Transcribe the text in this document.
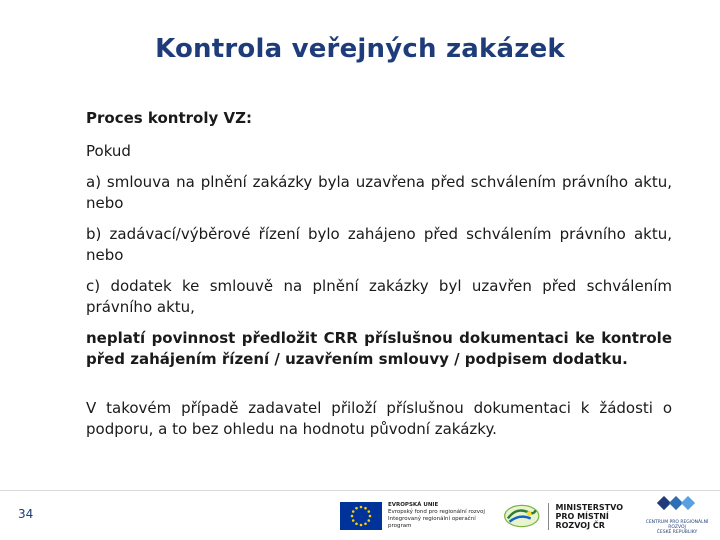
Kontrola veřejných zakázek

Proces kontroly VZ:

Pokud

a) smlouva na plnění zakázky byla uzavřena před schválením právního aktu, nebo

b) zadávací/výběrové řízení bylo zahájeno před schválením právního aktu, nebo

c) dodatek ke smlouvě na plnění zakázky byl uzavřen před schválením právního aktu,

neplatí povinnost předložit CRR příslušnou dokumentaci ke kontrole před zahájením řízení / uzavřením smlouvy / podpisem dodatku.

V takovém případě zadavatel přiloží příslušnou dokumentaci k žádosti o podporu, a to bez ohledu na hodnotu původní zakázky.

34
EVROPSKÁ UNIE
Evropský fond pro regionální rozvoj
Integrovaný regionální operační program
MINISTERSTVO
PRO MÍSTNÍ
ROZVOJ ČR	CENTRUM PRO REGIONÁLNÍ ROZVOJ
ČESKÉ REPUBLIKY
